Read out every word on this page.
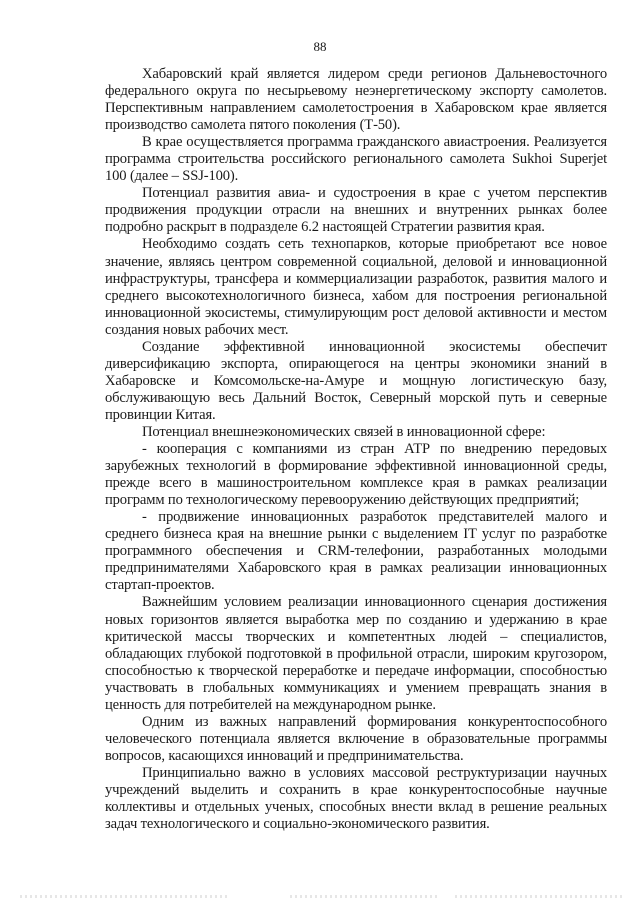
88

Хабаровский край является лидером среди регионов Дальневосточного федерального округа по несырьевому неэнергетическому экспорту самолетов. Перспективным направлением самолетостроения в Хабаровском крае является производство самолета пятого поколения (Т-50).

В крае осуществляется программа гражданского авиастроения. Реализуется программа строительства российского регионального самолета Sukhoi Superjet 100 (далее – SSJ-100).

Потенциал развития авиа- и судостроения в крае с учетом перспектив продвижения продукции отрасли на внешних и внутренних рынках более подробно раскрыт в подразделе 6.2 настоящей Стратегии развития края.

Необходимо создать сеть технопарков, которые приобретают все новое значение, являясь центром современной социальной, деловой и инновационной инфраструктуры, трансфера и коммерциализации разработок, развития малого и среднего высокотехнологичного бизнеса, хабом для построения региональной инновационной экосистемы, стимулирующим рост деловой активности и местом создания новых рабочих мест.

Создание эффективной инновационной экосистемы обеспечит диверсификацию экспорта, опирающегося на центры экономики знаний в Хабаровске и Комсомольске-на-Амуре и мощную логистическую базу, обслуживающую весь Дальний Восток, Северный морской путь и северные провинции Китая.

Потенциал внешнеэкономических связей в инновационной сфере:

- кооперация с компаниями из стран АТР по внедрению передовых зарубежных технологий в формирование эффективной инновационной среды, прежде всего в машиностроительном комплексе края в рамках реализации программ по технологическому перевооружению действующих предприятий;

- продвижение инновационных разработок представителей малого и среднего бизнеса края на внешние рынки с выделением IT услуг по разработке программного обеспечения и CRM-телефонии, разработанных молодыми предпринимателями Хабаровского края в рамках реализации инновационных стартап-проектов.

Важнейшим условием реализации инновационного сценария достижения новых горизонтов является выработка мер по созданию и удержанию в крае критической массы творческих и компетентных людей – специалистов, обладающих глубокой подготовкой в профильной отрасли, широким кругозором, способностью к творческой переработке и передаче информации, способностью участвовать в глобальных коммуникациях и умением превращать знания в ценность для потребителей на международном рынке.

Одним из важных направлений формирования конкурентоспособного человеческого потенциала является включение в образовательные программы вопросов, касающихся инноваций и предпринимательства.

Принципиально важно в условиях массовой реструктуризации научных учреждений выделить и сохранить в крае конкурентоспособные научные коллективы и отдельных ученых, способных внести вклад в решение реальных задач технологического и социально-экономического развития.
